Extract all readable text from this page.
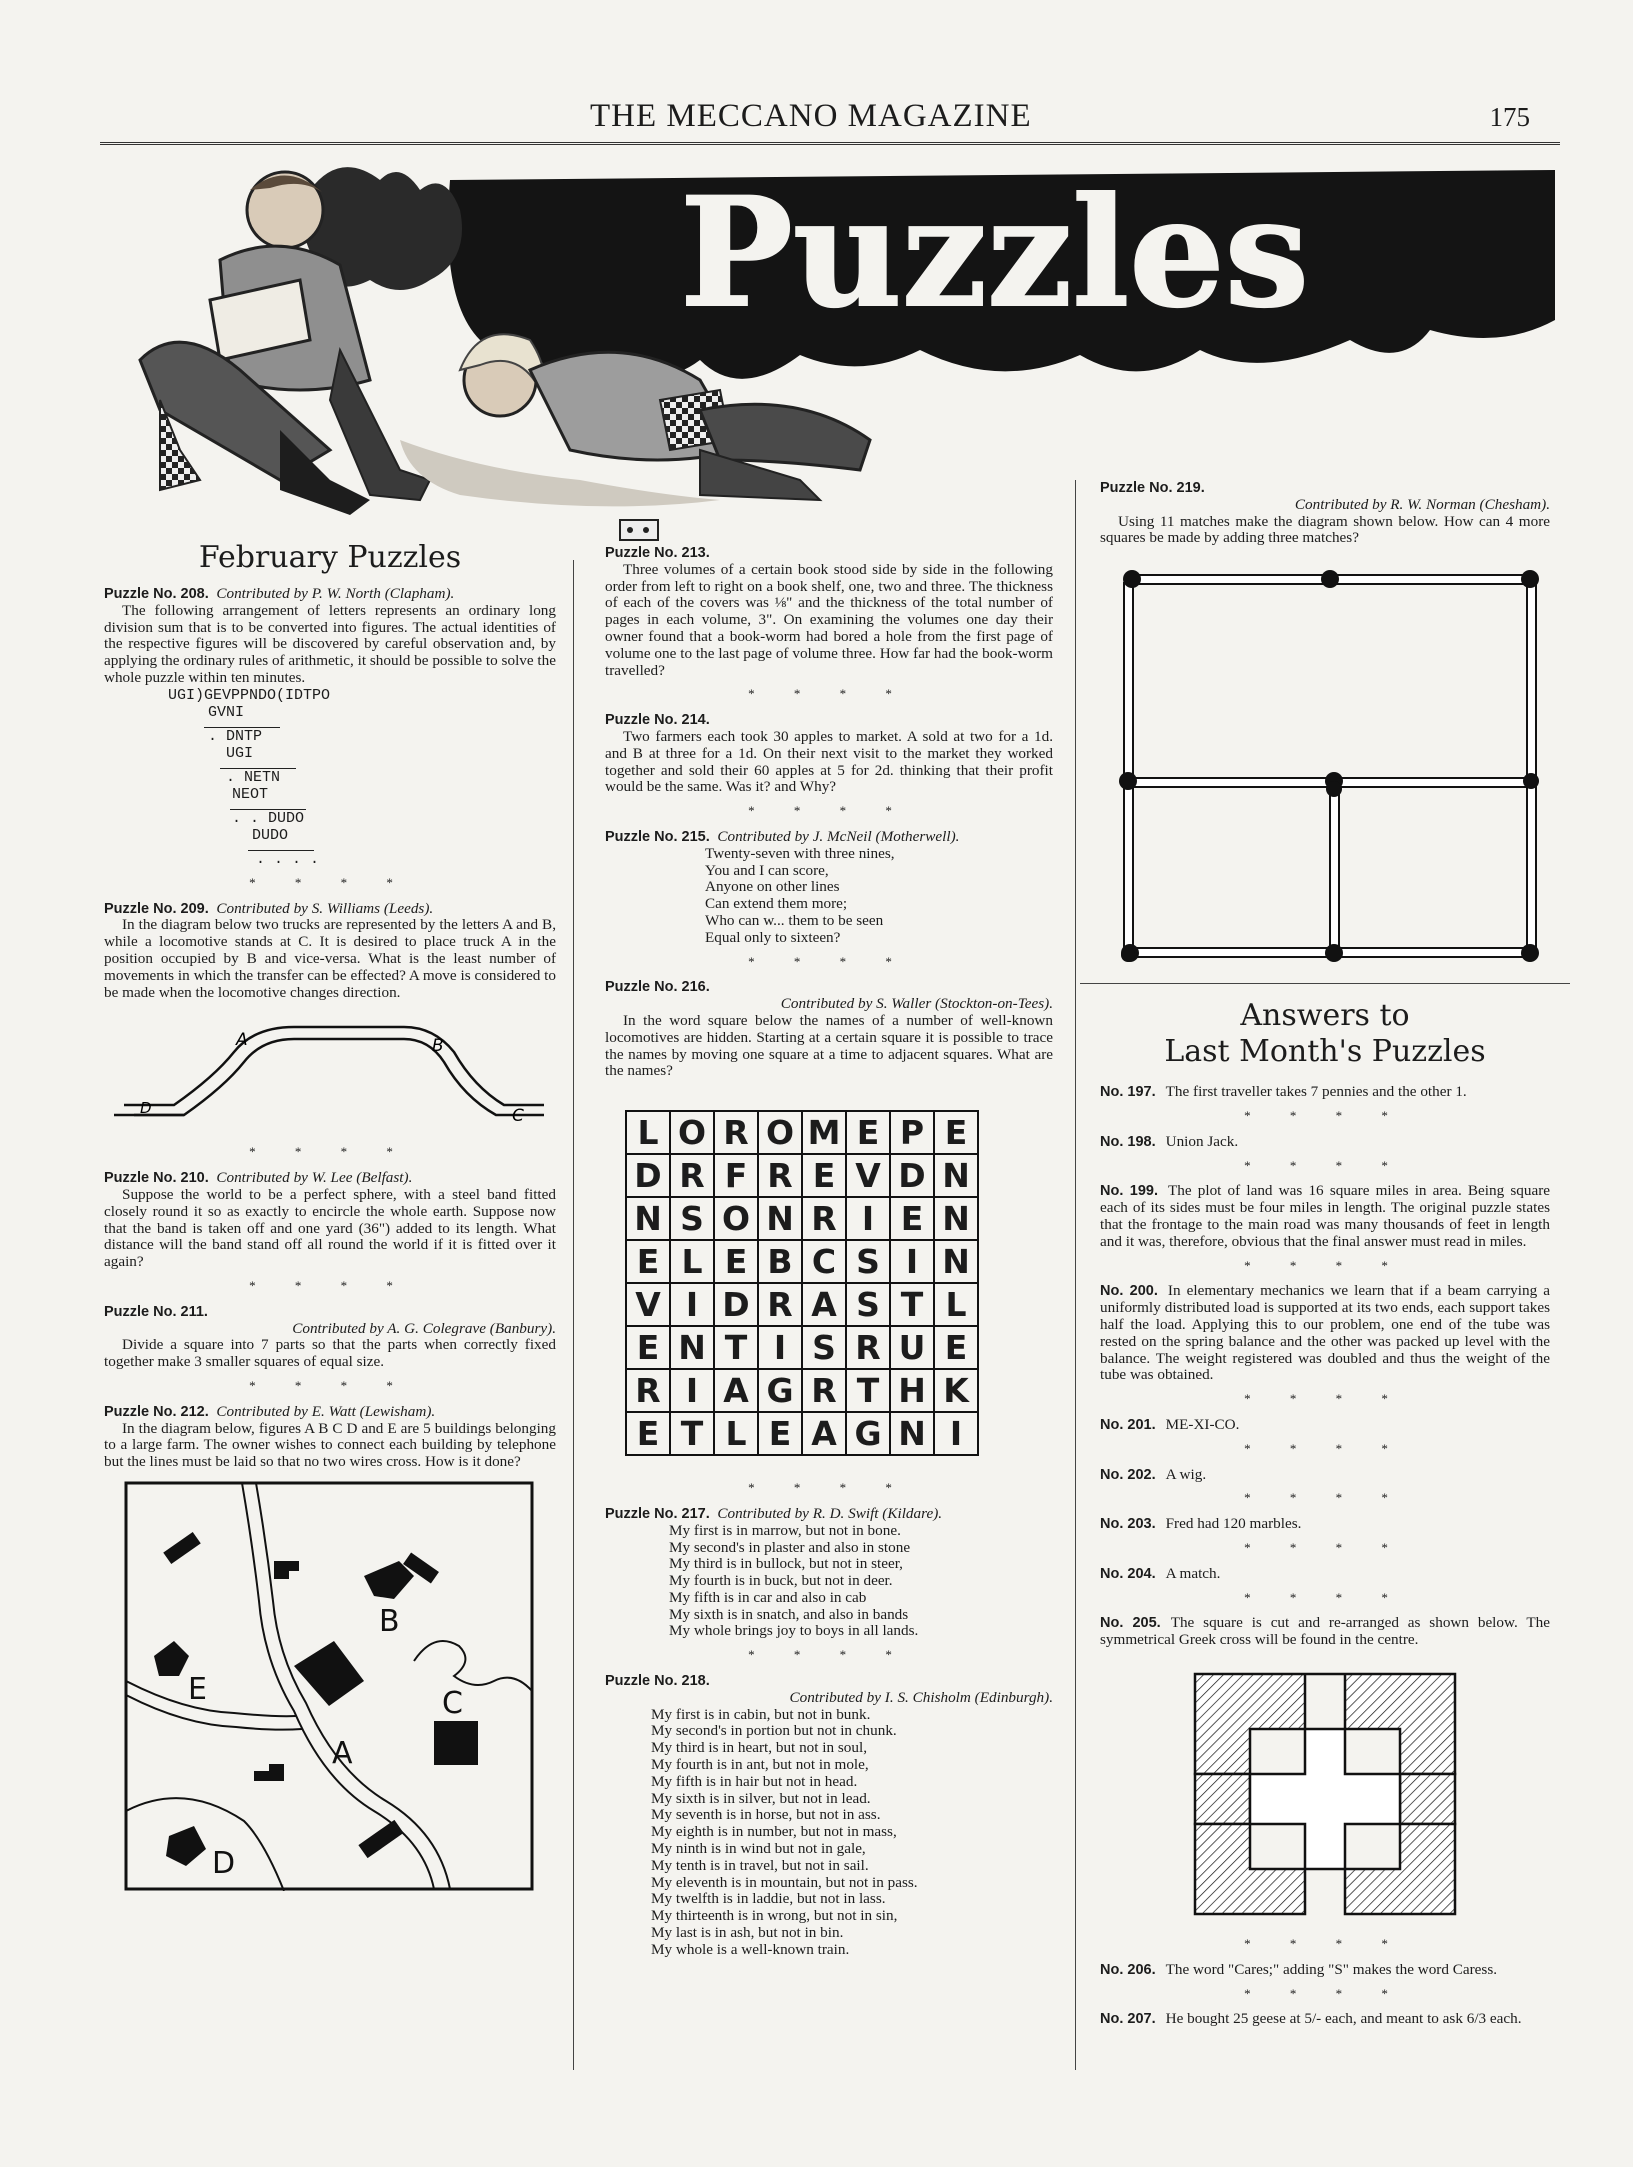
THE MECCANO MAGAZINE	175
Puzzles
February Puzzles

Puzzle No. 208. Contributed by P. W. North (Clapham).

The following arrangement of letters represents an ordinary long division sum that is to be converted into figures. The actual identities of the respective figures will be discovered by careful observation and, by applying the ordinary rules of arithmetic, it should be possible to solve the whole puzzle within ten minutes.

UGI)GEVPPNDO(IDTPO
GVNI
. DNTP
UGI
. NETN
NEOT
. . DUDO
DUDO
. . . .
* * * *

Puzzle No. 209. Contributed by S. Williams (Leeds).

In the diagram below two trucks are represented by the letters A and B, while a locomotive stands at C. It is desired to place truck A in the position occupied by B and vice-versa. What is the least number of movements in which the transfer can be effected? A move is considered to be made when the locomotive changes direction.

A	B
D	C
* * * *

Puzzle No. 210. Contributed by W. Lee (Belfast).

Suppose the world to be a perfect sphere, with a steel band fitted closely round it so as exactly to encircle the whole earth. Suppose now that the band is taken off and one yard (36") added to its length. What distance will the band stand off all round the world if it is fitted over it again?

* * * *

Puzzle No. 211.

Contributed by A. G. Colegrave (Banbury).

Divide a square into 7 parts so that the parts when correctly fixed together make 3 smaller squares of equal size.

* * * *

Puzzle No. 212. Contributed by E. Watt (Lewisham).

In the diagram below, figures A B C D and E are 5 buildings belonging to a large farm. The owner wishes to connect each building by telephone but the lines must be laid so that no two wires cross. How is it done?

B
E
A
C
D

Puzzle No. 213.

Three volumes of a certain book stood side by side in the following order from left to right on a book shelf, one, two and three. The thickness of each of the covers was ⅛" and the thickness of the total number of pages in each volume, 3". On examining the volumes one day their owner found that a book-worm had bored a hole from the first page of volume one to the last page of volume three. How far had the book-worm travelled?

* * * *

Puzzle No. 214.

Two farmers each took 30 apples to market. A sold at two for a 1d. and B at three for a 1d. On their next visit to the market they worked together and sold their 60 apples at 5 for 2d. thinking that their profit would be the same. Was it? and Why?

* * * *

Puzzle No. 215. Contributed by J. McNeil (Motherwell).

Twenty-seven with three nines,
You and I can score,
Anyone on other lines
Can extend them more;
Who can w... them to be seen
Equal only to sixteen?
* * * *

Puzzle No. 216.

Contributed by S. Waller (Stockton-on-Tees).

In the word square below the names of a number of well-known locomotives are hidden. Starting at a certain square it is possible to trace the names by moving one square at a time to adjacent squares. What are the names?

L	O	R	O	M	E	P	E
D	R	F	R	E	V	D	N
N	S	O	N	R	I	E	N
E	L	E	B	C	S	I	N
V	I	D	R	A	S	T	L
E	N	T	I	S	R	U	E
R	I	A	G	R	T	H	K
E	T	L	E	A	G	N	I
* * * *

Puzzle No. 217. Contributed by R. D. Swift (Kildare).

My first is in marrow, but not in bone.
My second's in plaster and also in stone
My third is in bullock, but not in steer,
My fourth is in buck, but not in deer.
My fifth is in car and also in cab
My sixth is in snatch, and also in bands
My whole brings joy to boys in all lands.
* * * *

Puzzle No. 218.

Contributed by I. S. Chisholm (Edinburgh).

My first is in cabin, but not in bunk.
My second's in portion but not in chunk.
My third is in heart, but not in soul,
My fourth is in ant, but not in mole,
My fifth is in hair but not in head.
My sixth is in silver, but not in lead.
My seventh is in horse, but not in ass.
My eighth is in number, but not in mass,
My ninth is in wind but not in gale,
My tenth is in travel, but not in sail.
My eleventh is in mountain, but not in pass.
My twelfth is in laddie, but not in lass.
My thirteenth is in wrong, but not in sin,
My last is in ash, but not in bin.
My whole is a well-known train.

Puzzle No. 219.

Contributed by R. W. Norman (Chesham).

Using 11 matches make the diagram shown below. How can 4 more squares be made by adding three matches?

Answers to
Last Month's Puzzles

No. 197. The first traveller takes 7 pennies and the other 1.

* * * *

No. 198. Union Jack.

* * * *

No. 199. The plot of land was 16 square miles in area. Being square each of its sides must be four miles in length. The original puzzle states that the frontage to the main road was many thousands of feet in length and it was, therefore, obvious that the final answer must read in miles.

* * * *

No. 200. In elementary mechanics we learn that if a beam carrying a uniformly distributed load is supported at its two ends, each support takes half the load. Applying this to our problem, one end of the tube was rested on the spring balance and the other was packed up level with the balance. The weight registered was doubled and thus the weight of the tube was obtained.

* * * *

No. 201. ME-XI-CO.

* * * *

No. 202. A wig.

* * * *

No. 203. Fred had 120 marbles.

* * * *

No. 204. A match.

* * * *

No. 205. The square is cut and re-arranged as shown below. The symmetrical Greek cross will be found in the centre.

* * * *

No. 206. The word "Cares;" adding "S" makes the word Caress.

* * * *

No. 207. He bought 25 geese at 5/- each, and meant to ask 6/3 each.
